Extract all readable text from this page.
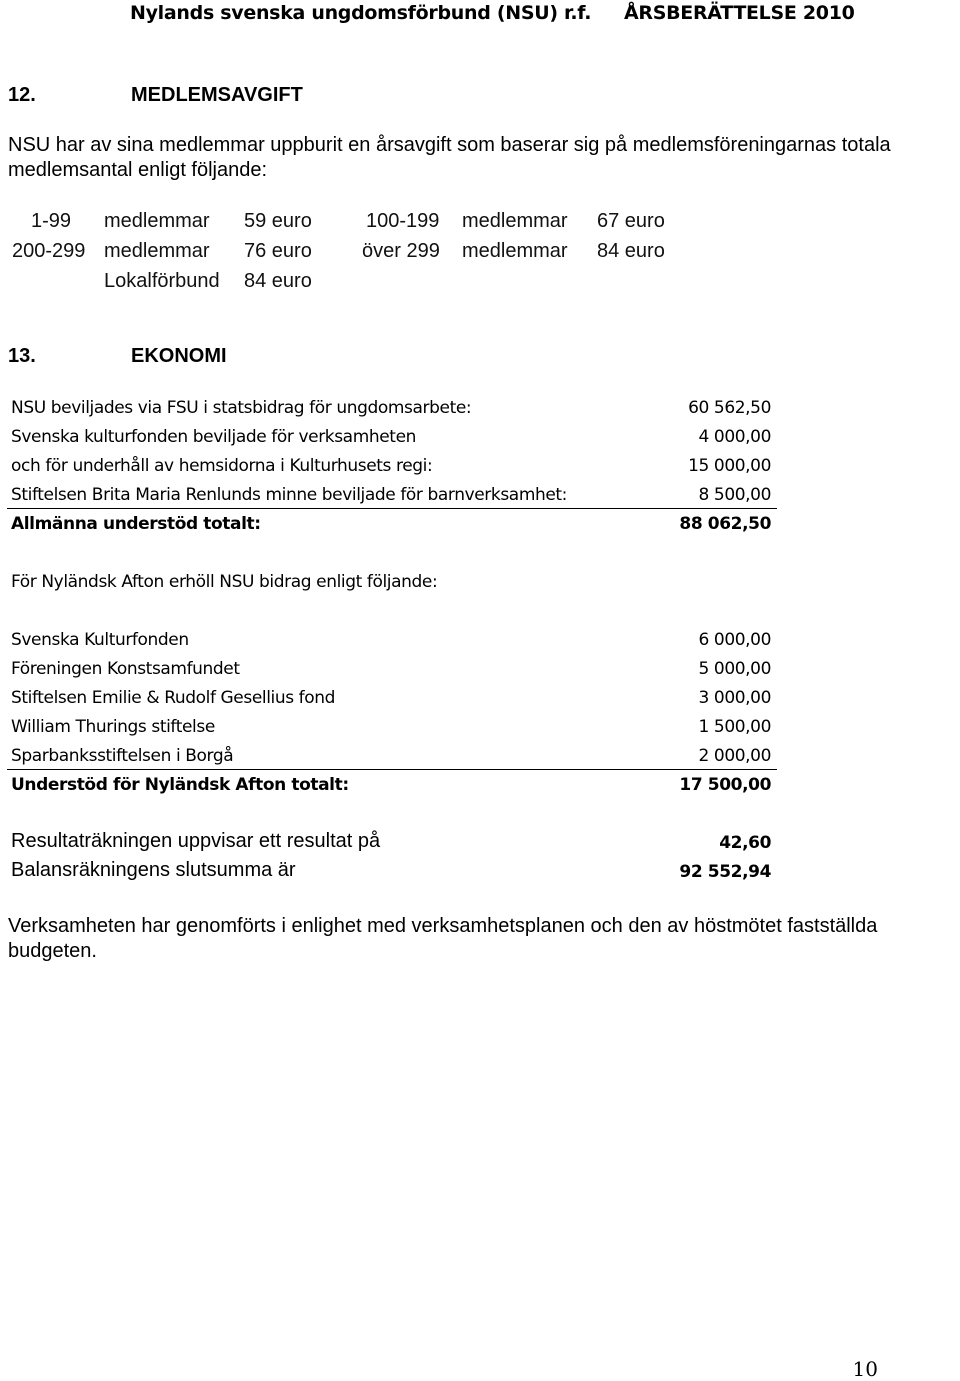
Nylands svenska ungdomsförbund (NSU) r.f. ÅRSBERÄTTELSE 2010
12.	MEDLEMSAVGIFT
NSU har av sina medlemmar uppburit en årsavgift som baserar sig på medlemsföreningarnas totala
medlemsantal enligt följande:
1-99 medlemmar 59 euro	100-199 medlemmar 67 euro
200-299 medlemmar 76 euro	över 299 medlemmar 84 euro
Lokalförbund 84 euro
13.	EKONOMI
NSU beviljades via FSU i statsbidrag för ungdomsarbete:	60 562,50
Svenska kulturfonden beviljade för verksamheten	4 000,00
och för underhåll av hemsidorna i Kulturhusets regi:	15 000,00
Stiftelsen Brita Maria Renlunds minne beviljade för barnverksamhet:	8 500,00
Allmänna understöd totalt:	88 062,50
För Nyländsk Afton erhöll NSU bidrag enligt följande:
Svenska Kulturfonden	6 000,00
Föreningen Konstsamfundet	5 000,00
Stiftelsen Emilie & Rudolf Gesellius fond	3 000,00
William Thurings stiftelse	1 500,00
Sparbanksstiftelsen i Borgå	2 000,00
Understöd för Nyländsk Afton totalt:	17 500,00
Resultaträkningen uppvisar ett resultat på	42,60
Balansräkningens slutsumma är	92 552,94
Verksamheten har genomförts i enlighet med verksamhetsplanen och den av höstmötet fastställda
budgeten.
10
